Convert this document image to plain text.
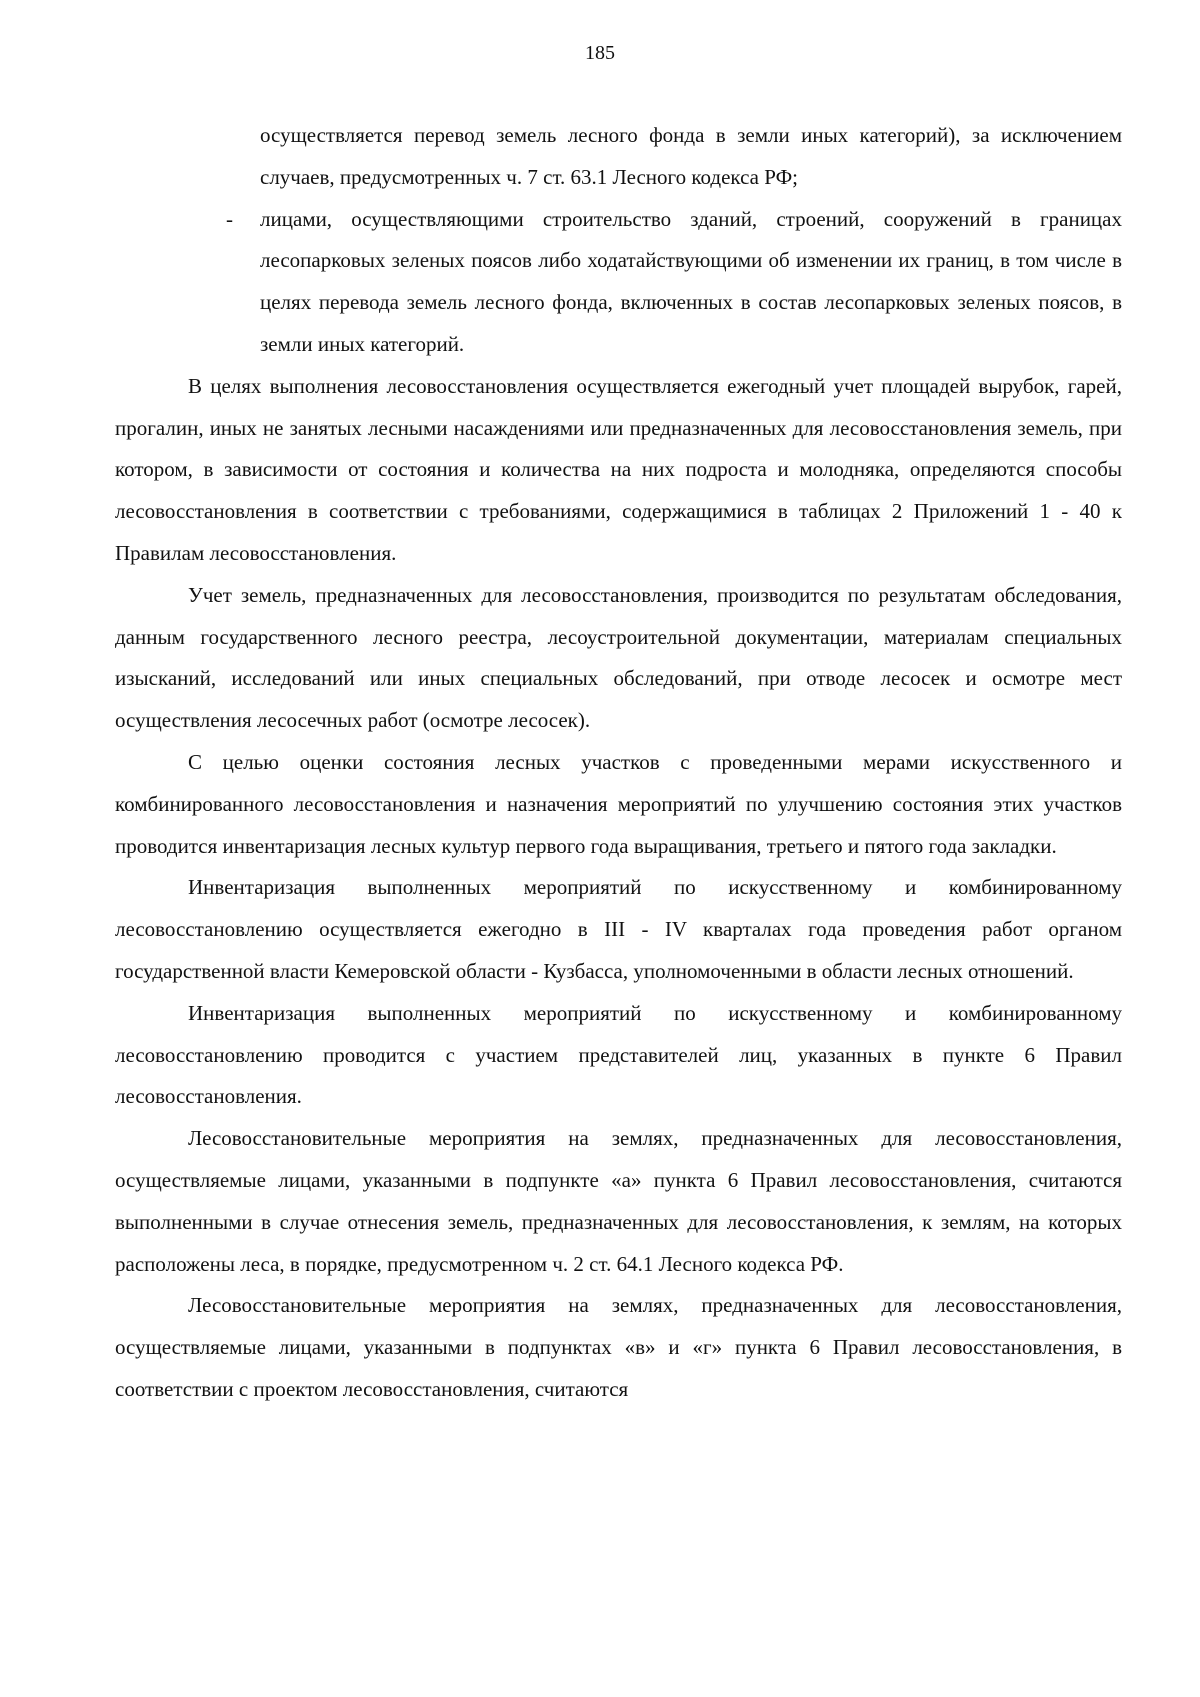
185

осуществляется перевод земель лесного фонда в земли иных категорий), за исключением случаев, предусмотренных ч. 7 ст. 63.1 Лесного кодекса РФ;

- лицами, осуществляющими строительство зданий, строений, сооружений в границах лесопарковых зеленых поясов либо ходатайствующими об изменении их границ, в том числе в целях перевода земель лесного фонда, включенных в состав лесопарковых зеленых поясов, в земли иных категорий.

В целях выполнения лесовосстановления осуществляется ежегодный учет площадей вырубок, гарей, прогалин, иных не занятых лесными насаждениями или предназначенных для лесовосстановления земель, при котором, в зависимости от состояния и количества на них подроста и молодняка, определяются способы лесовосстановления в соответствии с требованиями, содержащимися в таблицах 2 Приложений 1 - 40 к Правилам лесовосстановления.

Учет земель, предназначенных для лесовосстановления, производится по результатам обследования, данным государственного лесного реестра, лесоустроительной документации, материалам специальных изысканий, исследований или иных специальных обследований, при отводе лесосек и осмотре мест осуществления лесосечных работ (осмотре лесосек).

С целью оценки состояния лесных участков с проведенными мерами искусственного и комбинированного лесовосстановления и назначения мероприятий по улучшению состояния этих участков проводится инвентаризация лесных культур первого года выращивания, третьего и пятого года закладки.

Инвентаризация выполненных мероприятий по искусственному и комбинированному лесовосстановлению осуществляется ежегодно в III - IV кварталах года проведения работ органом государственной власти Кемеровской области - Кузбасса, уполномоченными в области лесных отношений.

Инвентаризация выполненных мероприятий по искусственному и комбинированному лесовосстановлению проводится с участием представителей лиц, указанных в пункте 6 Правил лесовосстановления.

Лесовосстановительные мероприятия на землях, предназначенных для лесовосстановления, осуществляемые лицами, указанными в подпункте «а» пункта 6 Правил лесовосстановления, считаются выполненными в случае отнесения земель, предназначенных для лесовосстановления, к землям, на которых расположены леса, в порядке, предусмотренном ч. 2 ст. 64.1 Лесного кодекса РФ.

Лесовосстановительные мероприятия на землях, предназначенных для лесовосстановления, осуществляемые лицами, указанными в подпунктах «в» и «г» пункта 6 Правил лесовосстановления, в соответствии с проектом лесовосстановления, считаются
